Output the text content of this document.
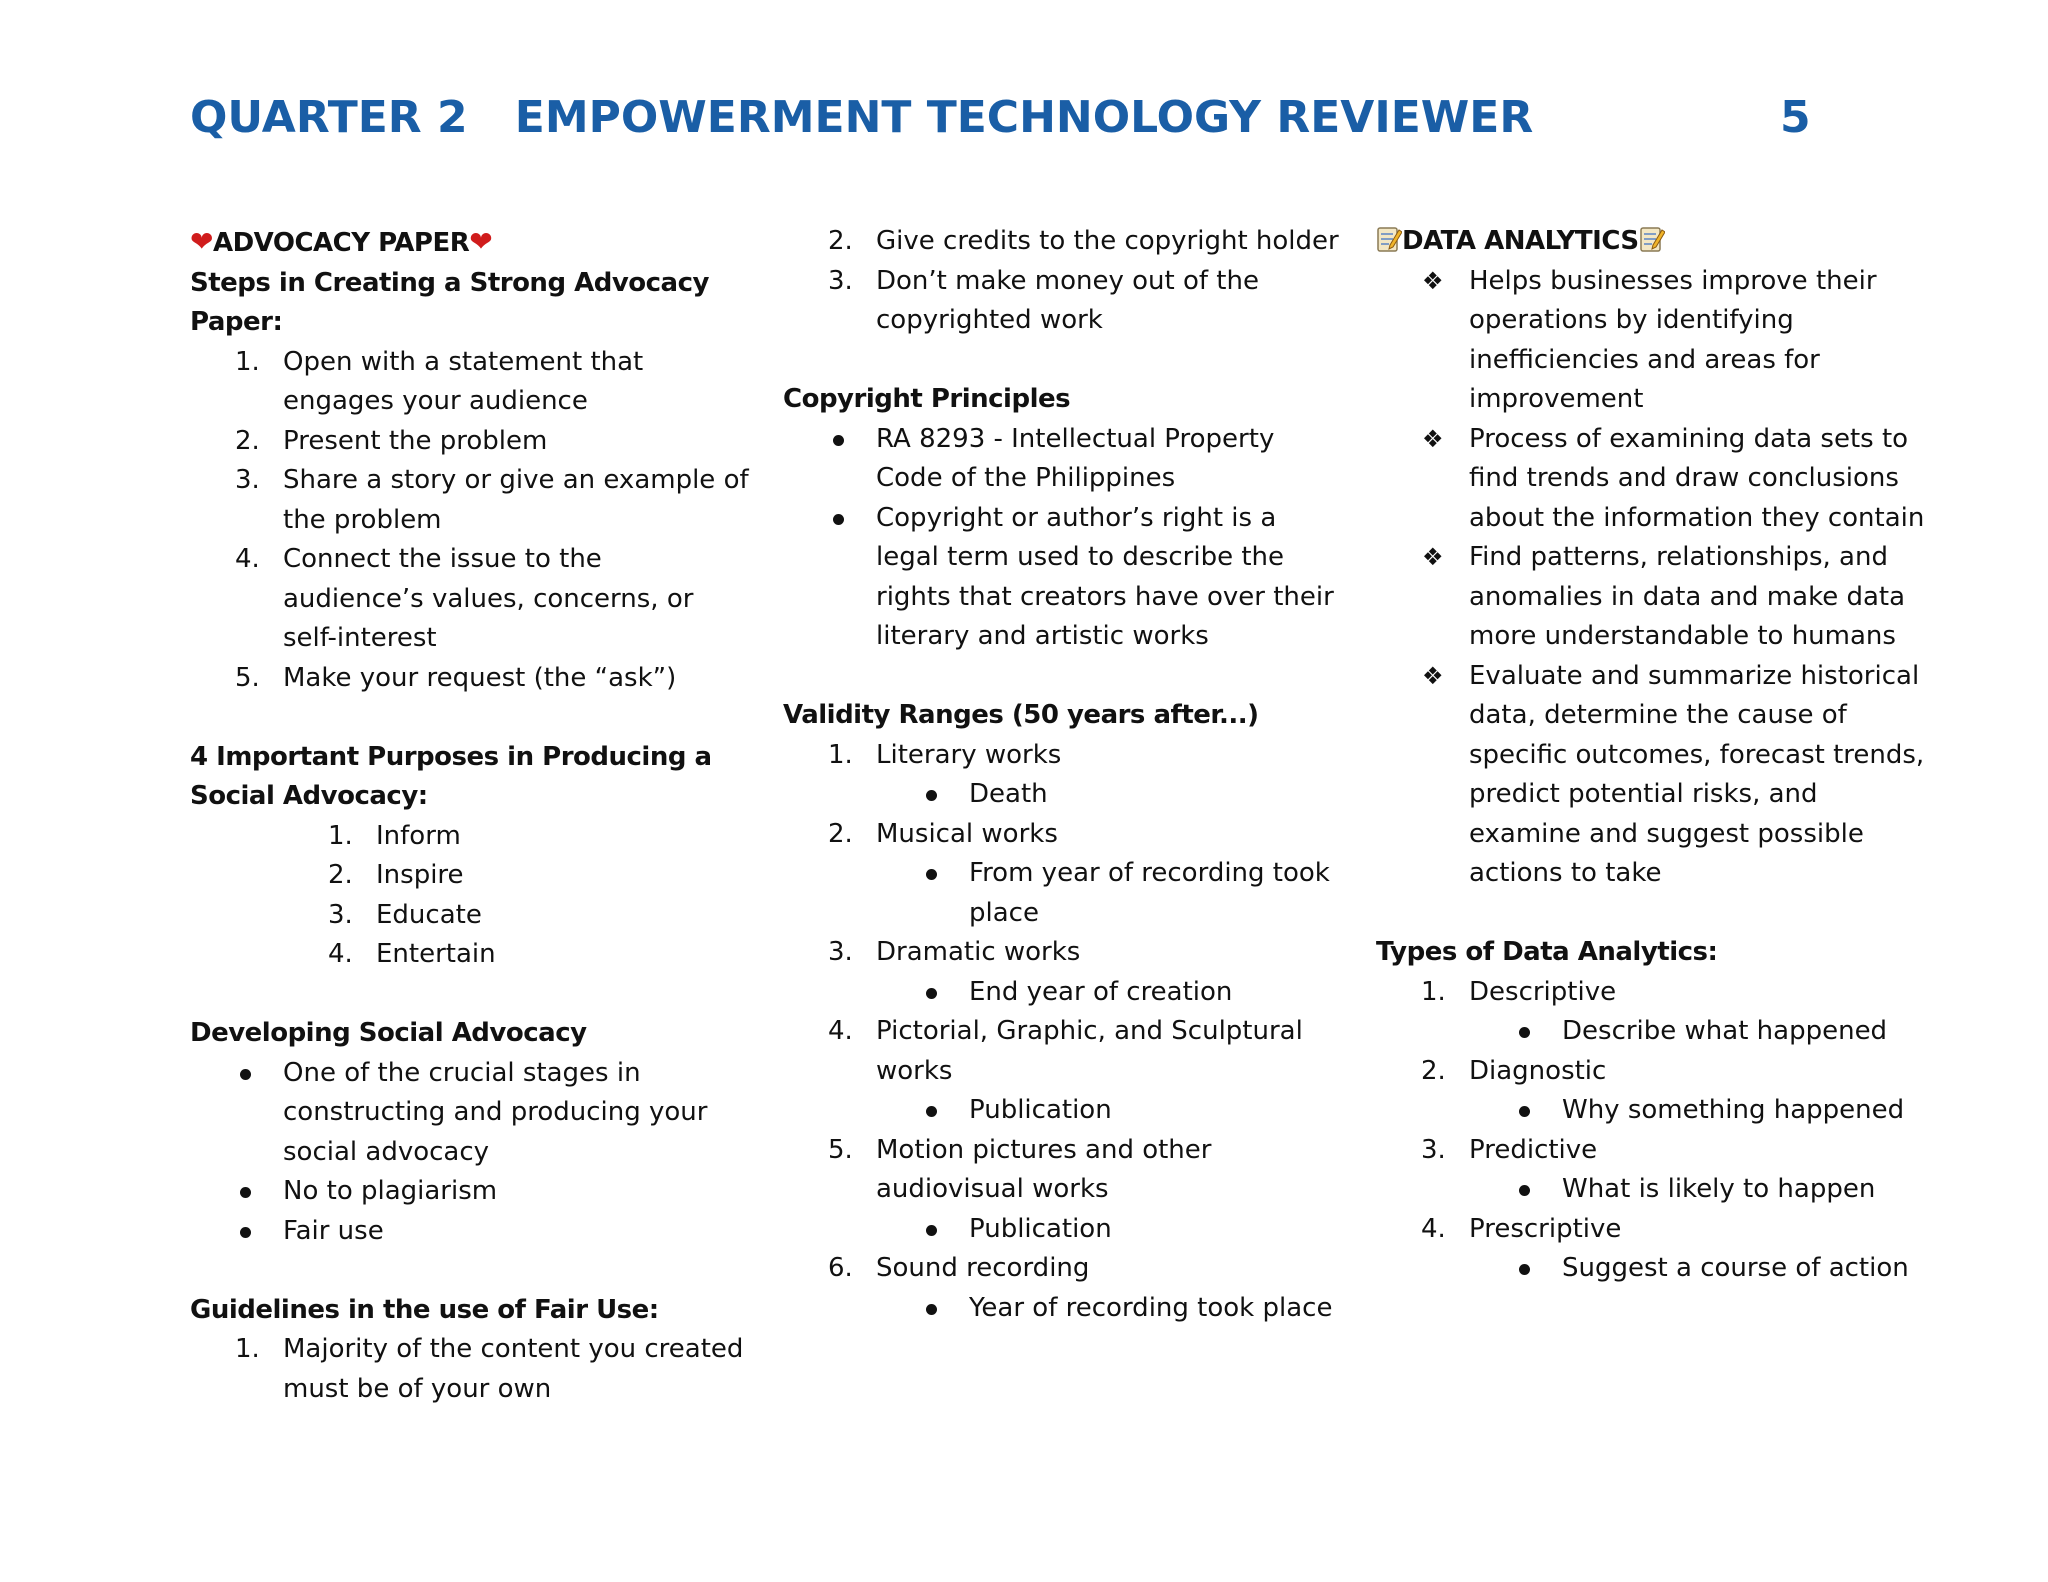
QUARTER 2	EMPOWERMENT TECHNOLOGY REVIEWER	5
❤ADVOCACY PAPER❤
Steps in Creating a Strong Advocacy
Paper:
1. Open with a statement that engages your audience
2. Present the problem
3. Share a story or give an example of the problem
4. Connect the issue to the audience’s values, concerns, or self-interest
5. Make your request (the “ask”)
4 Important Purposes in Producing a
Social Advocacy:
1. Inform
2. Inspire
3. Educate
4. Entertain
Developing Social Advocacy
One of the crucial stages in constructing and producing your social advocacy
No to plagiarism
Fair use
Guidelines in the use of Fair Use:
1. Majority of the content you created must be of your own
2. Give credits to the copyright holder
3. Don’t make money out of the copyrighted work
Copyright Principles
RA 8293 - Intellectual Property Code of the Philippines
Copyright or author’s right is a legal term used to describe the rights that creators have over their literary and artistic works
Validity Ranges (50 years after...)
1. Literary works
Death
2. Musical works
From year of recording took place
3. Dramatic works
End year of creation
4. Pictorial, Graphic, and Sculptural works
Publication
5. Motion pictures and other audiovisual works
Publication
6. Sound recording
Year of recording took place
DATA ANALYTICS
❖ Helps businesses improve their operations by identifying inefficiencies and areas for improvement
❖ Process of examining data sets to find trends and draw conclusions about the information they contain
❖ Find patterns, relationships, and anomalies in data and make data more understandable to humans
❖ Evaluate and summarize historical data, determine the cause of specific outcomes, forecast trends, predict potential risks, and examine and suggest possible actions to take
Types of Data Analytics:
1. Descriptive
Describe what happened
2. Diagnostic
Why something happened
3. Predictive
What is likely to happen
4. Prescriptive
Suggest a course of action
